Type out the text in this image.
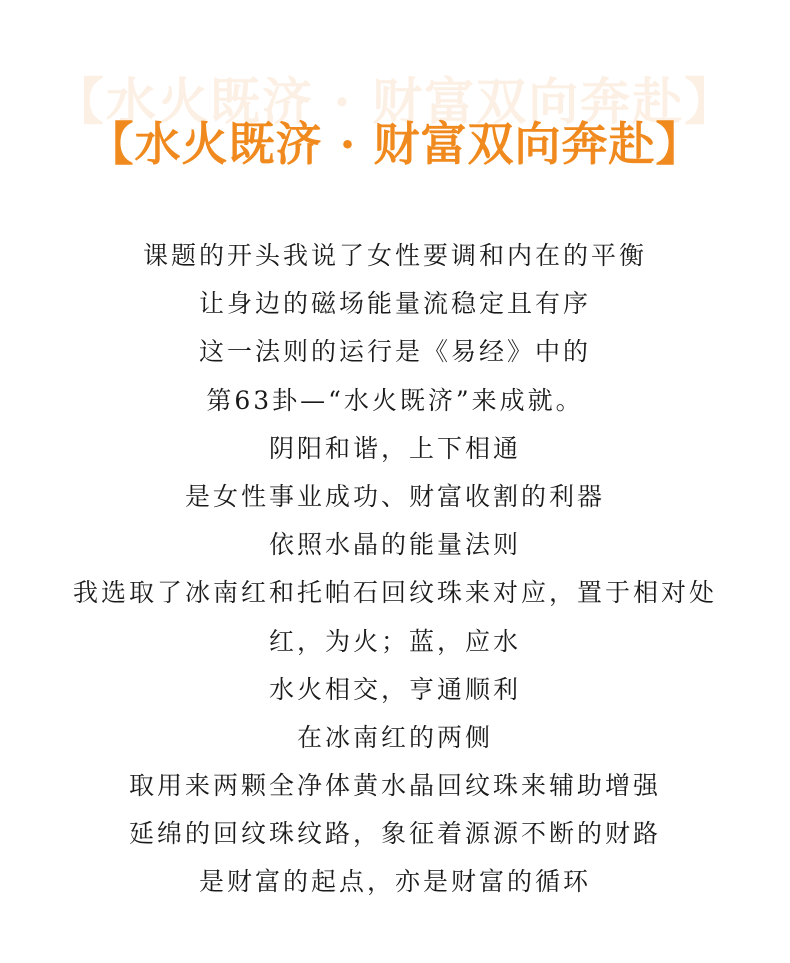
【水火既济 · 财富双向奔赴】
【水火既济 · 财富双向奔赴】
课题的开头我说了女性要调和内在的平衡
让身边的磁场能量流稳定且有序
这一法则的运行是《易经》中的
第63卦—“水火既济”来成就。
阴阳和谐，上下相通
是女性事业成功、财富收割的利器
依照水晶的能量法则
我选取了冰南红和托帕石回纹珠来对应，置于相对处
红，为火；蓝，应水
水火相交，亨通顺利
在冰南红的两侧
取用来两颗全净体黄水晶回纹珠来辅助增强
延绵的回纹珠纹路，象征着源源不断的财路
是财富的起点，亦是财富的循环
